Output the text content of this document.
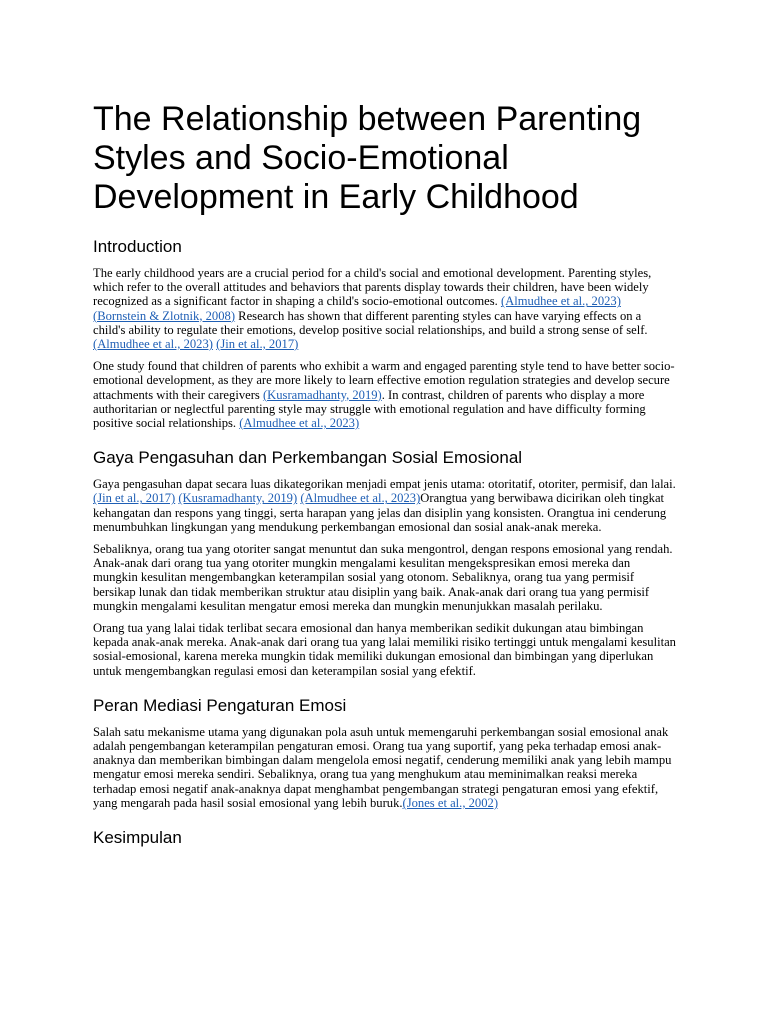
The Relationship between Parenting Styles and Socio-Emotional Development in Early Childhood
Introduction

The early childhood years are a crucial period for a child's social and emotional development. Parenting styles, which refer to the overall attitudes and behaviors that parents display towards their children, have been widely recognized as a significant factor in shaping a child's socio-emotional outcomes. (Almudhee et al., 2023) (Bornstein & Zlotnik, 2008) Research has shown that different parenting styles can have varying effects on a child's ability to regulate their emotions, develop positive social relationships, and build a strong sense of self. (Almudhee et al., 2023) (Jin et al., 2017)

One study found that children of parents who exhibit a warm and engaged parenting style tend to have better socio-emotional development, as they are more likely to learn effective emotion regulation strategies and develop secure attachments with their caregivers (Kusramadhanty, 2019). In contrast, children of parents who display a more authoritarian or neglectful parenting style may struggle with emotional regulation and have difficulty forming positive social relationships. (Almudhee et al., 2023)

Gaya Pengasuhan dan Perkembangan Sosial Emosional

Gaya pengasuhan dapat secara luas dikategorikan menjadi empat jenis utama: otoritatif, otoriter, permisif, dan lalai.(Jin et al., 2017) (Kusramadhanty, 2019) (Almudhee et al., 2023)Orangtua yang berwibawa dicirikan oleh tingkat kehangatan dan respons yang tinggi, serta harapan yang jelas dan disiplin yang konsisten. Orangtua ini cenderung menumbuhkan lingkungan yang mendukung perkembangan emosional dan sosial anak-anak mereka.

Sebaliknya, orang tua yang otoriter sangat menuntut dan suka mengontrol, dengan respons emosional yang rendah. Anak-anak dari orang tua yang otoriter mungkin mengalami kesulitan mengekspresikan emosi mereka dan mungkin kesulitan mengembangkan keterampilan sosial yang otonom. Sebaliknya, orang tua yang permisif bersikap lunak dan tidak memberikan struktur atau disiplin yang baik. Anak-anak dari orang tua yang permisif mungkin mengalami kesulitan mengatur emosi mereka dan mungkin menunjukkan masalah perilaku.

Orang tua yang lalai tidak terlibat secara emosional dan hanya memberikan sedikit dukungan atau bimbingan kepada anak-anak mereka. Anak-anak dari orang tua yang lalai memiliki risiko tertinggi untuk mengalami kesulitan sosial-emosional, karena mereka mungkin tidak memiliki dukungan emosional dan bimbingan yang diperlukan untuk mengembangkan regulasi emosi dan keterampilan sosial yang efektif.

Peran Mediasi Pengaturan Emosi

Salah satu mekanisme utama yang digunakan pola asuh untuk memengaruhi perkembangan sosial emosional anak adalah pengembangan keterampilan pengaturan emosi. Orang tua yang suportif, yang peka terhadap emosi anak-anaknya dan memberikan bimbingan dalam mengelola emosi negatif, cenderung memiliki anak yang lebih mampu mengatur emosi mereka sendiri. Sebaliknya, orang tua yang menghukum atau meminimalkan reaksi mereka terhadap emosi negatif anak-anaknya dapat menghambat pengembangan strategi pengaturan emosi yang efektif, yang mengarah pada hasil sosial emosional yang lebih buruk.(Jones et al., 2002)

Kesimpulan
